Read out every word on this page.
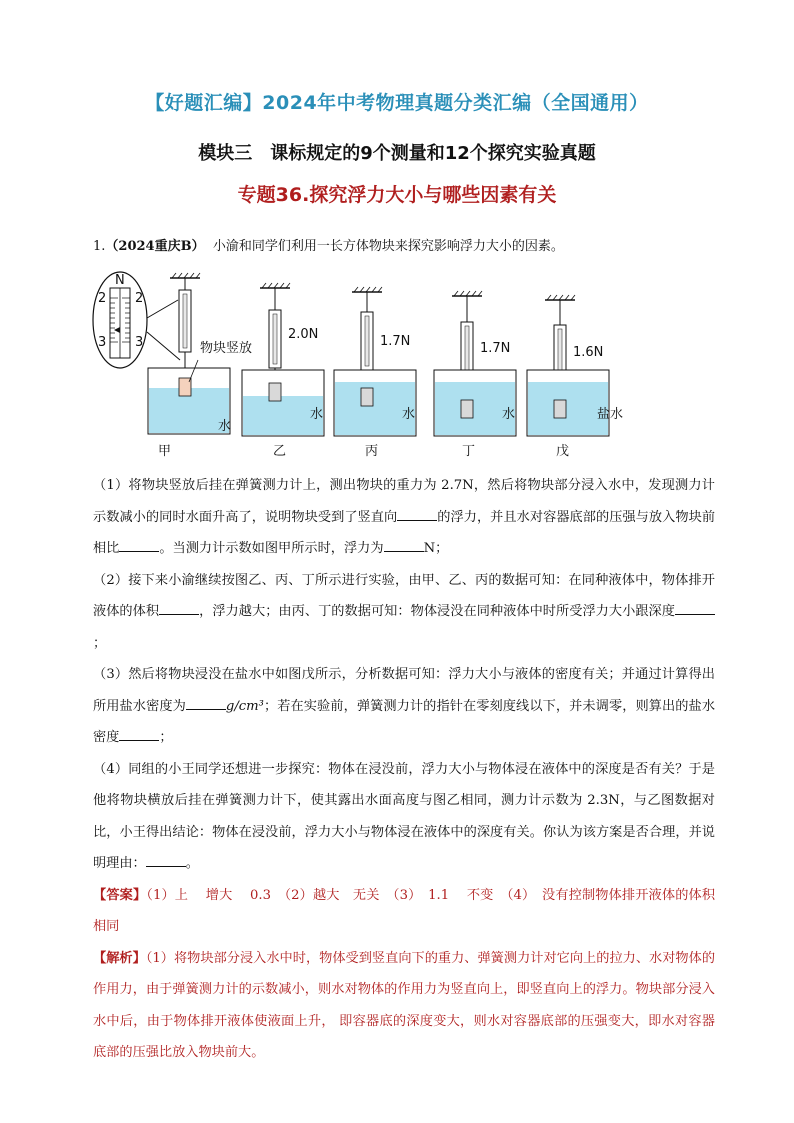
【好题汇编】2024年中考物理真题分类汇编（全国通用）
模块三　课标规定的9个测量和12个探究实验真题
专题36.探究浮力大小与哪些因素有关
1.（2024重庆B） 小渝和同学们利用一长方体物块来探究影响浮力大小的因素。
N
2 2
3 3	物块竖放
水
甲
2.0N
水
乙
1.7N
水
丙
1.7N
水
丁
1.6N
盐水
戊
（1）将物块竖放后挂在弹簧测力计上，测出物块的重力为 2.7N，然后将物块部分浸入水中，发现测力计示数减小的同时水面升高了，说明物块受到了竖直向	的浮力，并且水对容器底部的压强与放入物块前相比	。当测力计示数如图甲所示时，浮力为	N；
（2）接下来小渝继续按图乙、丙、丁所示进行实验，由甲、乙、丙的数据可知：在同种液体中，物体排开液体的体积	，浮力越大；由丙、丁的数据可知：物体浸没在同种液体中时所受浮力大小跟深度；
（3）然后将物块浸没在盐水中如图戊所示，分析数据可知：浮力大小与液体的密度有关；并通过计算得出所用盐水密度为	g/cm³；若在实验前，弹簧测力计的指针在零刻度线以下，并未调零，则算出的盐水密度	；
（4）同组的小王同学还想进一步探究：物体在浸没前，浮力大小与物体浸在液体中的深度是否有关？于是他将物块横放后挂在弹簧测力计下，使其露出水面高度与图乙相同，测力计示数为 2.3N，与乙图数据对比，小王得出结论：物体在浸没前，浮力大小与物体浸在液体中的深度有关。你认为该方案是否合理，并说明理由：	。
【答案】（1）上　 增大　 0.3　（2）越大　无关　（3）　1.1　 不变　（4）　没有控制物体排开液体的体积相同
【解析】（1）将物块部分浸入水中时，物体受到竖直向下的重力、弹簧测力计对它向上的拉力、水对物体的作用力，由于弹簧测力计的示数减小，则水对物体的作用力为竖直向上，即竖直向上的浮力。物块部分浸入水中后，由于物体排开液体使液面上升， 即容器底的深度变大，则水对容器底部的压强变大，即水对容器底部的压强比放入物块前大。
